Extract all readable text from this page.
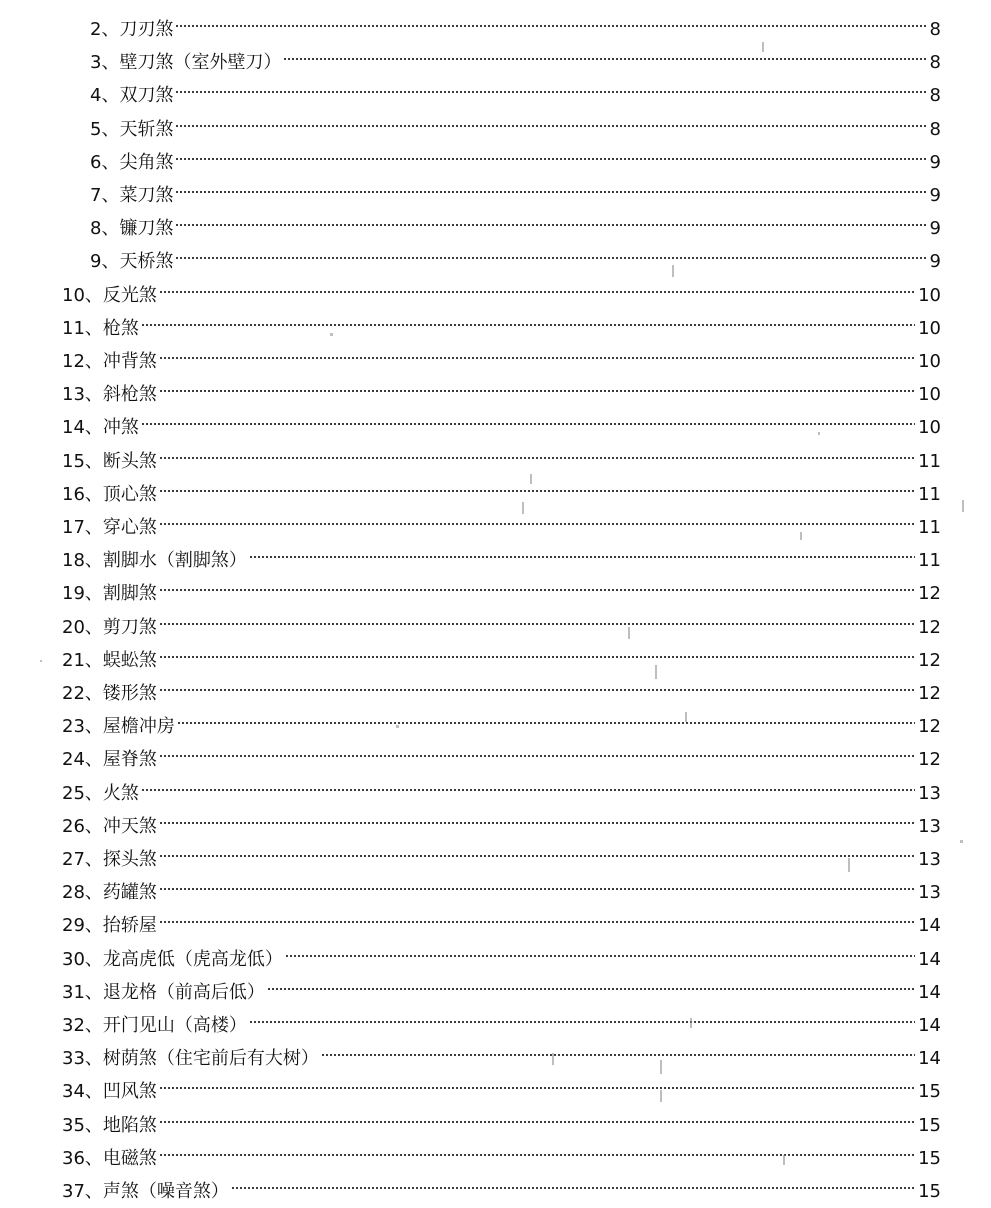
2、 刀刃煞	8
3、 壁刀煞（室外壁刀）	8
4、 双刀煞	8
5、 天斩煞	8
6、 尖角煞	9
7、 菜刀煞	9
8、 镰刀煞	9
9、 天桥煞	9
10、 反光煞	10
11、 枪煞	10
12、 冲背煞	10
13、 斜枪煞	10
14、 冲煞	10
15、 断头煞	11
16、 顶心煞	11
17、 穿心煞	11
18、 割脚水（割脚煞）	11
19、 割脚煞	12
20、 剪刀煞	12
21、 蜈蚣煞	12
22、 镂形煞	12
23、 屋檐冲房	12
24、 屋脊煞	12
25、 火煞	13
26、 冲天煞	13
27、 探头煞	13
28、 药罐煞	13
29、 抬轿屋	14
30、 龙高虎低（虎高龙低）	14
31、 退龙格（前高后低）	14
32、 开门见山（高楼）	14
33、 树荫煞（住宅前后有大树）	14
34、 凹风煞	15
35、 地陷煞	15
36、 电磁煞	15
37、 声煞（噪音煞）	15
